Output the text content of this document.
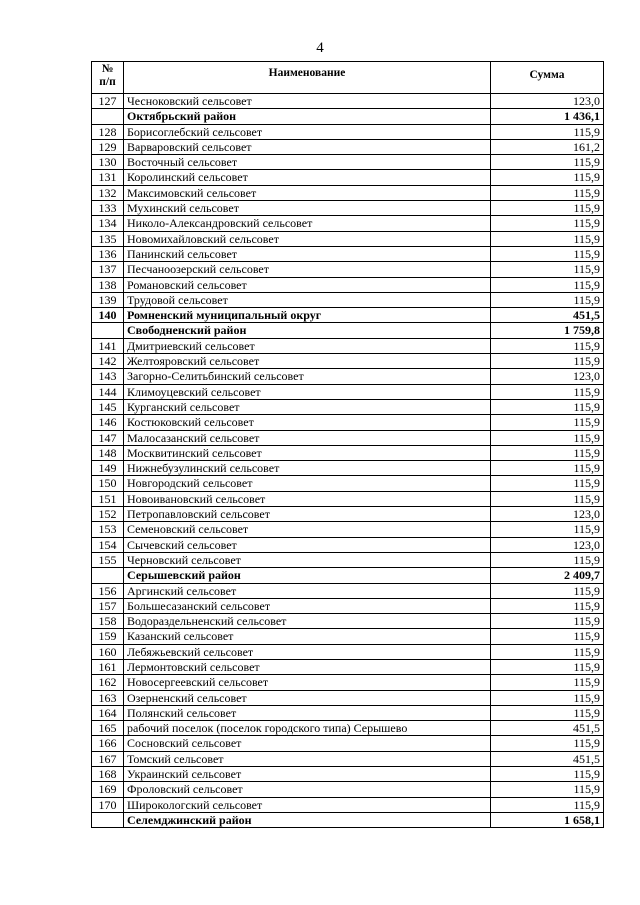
4
№
п/п	Наименование	Сумма
127	Чесноковский сельсовет	123,0
	Октябрьский район	1 436,1
128	Борисоглебский сельсовет	115,9
129	Варваровский сельсовет	161,2
130	Восточный сельсовет	115,9
131	Королинский сельсовет	115,9
132	Максимовский сельсовет	115,9
133	Мухинский сельсовет	115,9
134	Николо-Александровский сельсовет	115,9
135	Новомихайловский сельсовет	115,9
136	Панинский сельсовет	115,9
137	Песчаноозерский сельсовет	115,9
138	Романовский сельсовет	115,9
139	Трудовой сельсовет	115,9
140	Ромненский муниципальный округ	451,5
	Свободненский район	1 759,8
141	Дмитриевский сельсовет	115,9
142	Желтояровский сельсовет	115,9
143	Загорно-Селитьбинский сельсовет	123,0
144	Климоуцевский сельсовет	115,9
145	Курганский сельсовет	115,9
146	Костюковский сельсовет	115,9
147	Малосазанский сельсовет	115,9
148	Москвитинский сельсовет	115,9
149	Нижнебузулинский сельсовет	115,9
150	Новгородский сельсовет	115,9
151	Новоивановский сельсовет	115,9
152	Петропавловский сельсовет	123,0
153	Семеновский сельсовет	115,9
154	Сычевский сельсовет	123,0
155	Черновский сельсовет	115,9
	Серышевский район	2 409,7
156	Аргинский сельсовет	115,9
157	Большесазанский сельсовет	115,9
158	Водораздельненский сельсовет	115,9
159	Казанский сельсовет	115,9
160	Лебяжьевский сельсовет	115,9
161	Лермонтовский сельсовет	115,9
162	Новосергеевский сельсовет	115,9
163	Озерненский сельсовет	115,9
164	Полянский сельсовет	115,9
165	рабочий поселок (поселок городского типа) Серышево	451,5
166	Сосновский сельсовет	115,9
167	Томский сельсовет	451,5
168	Украинский сельсовет	115,9
169	Фроловский сельсовет	115,9
170	Широкологский сельсовет	115,9
	Селемджинский район	1 658,1
